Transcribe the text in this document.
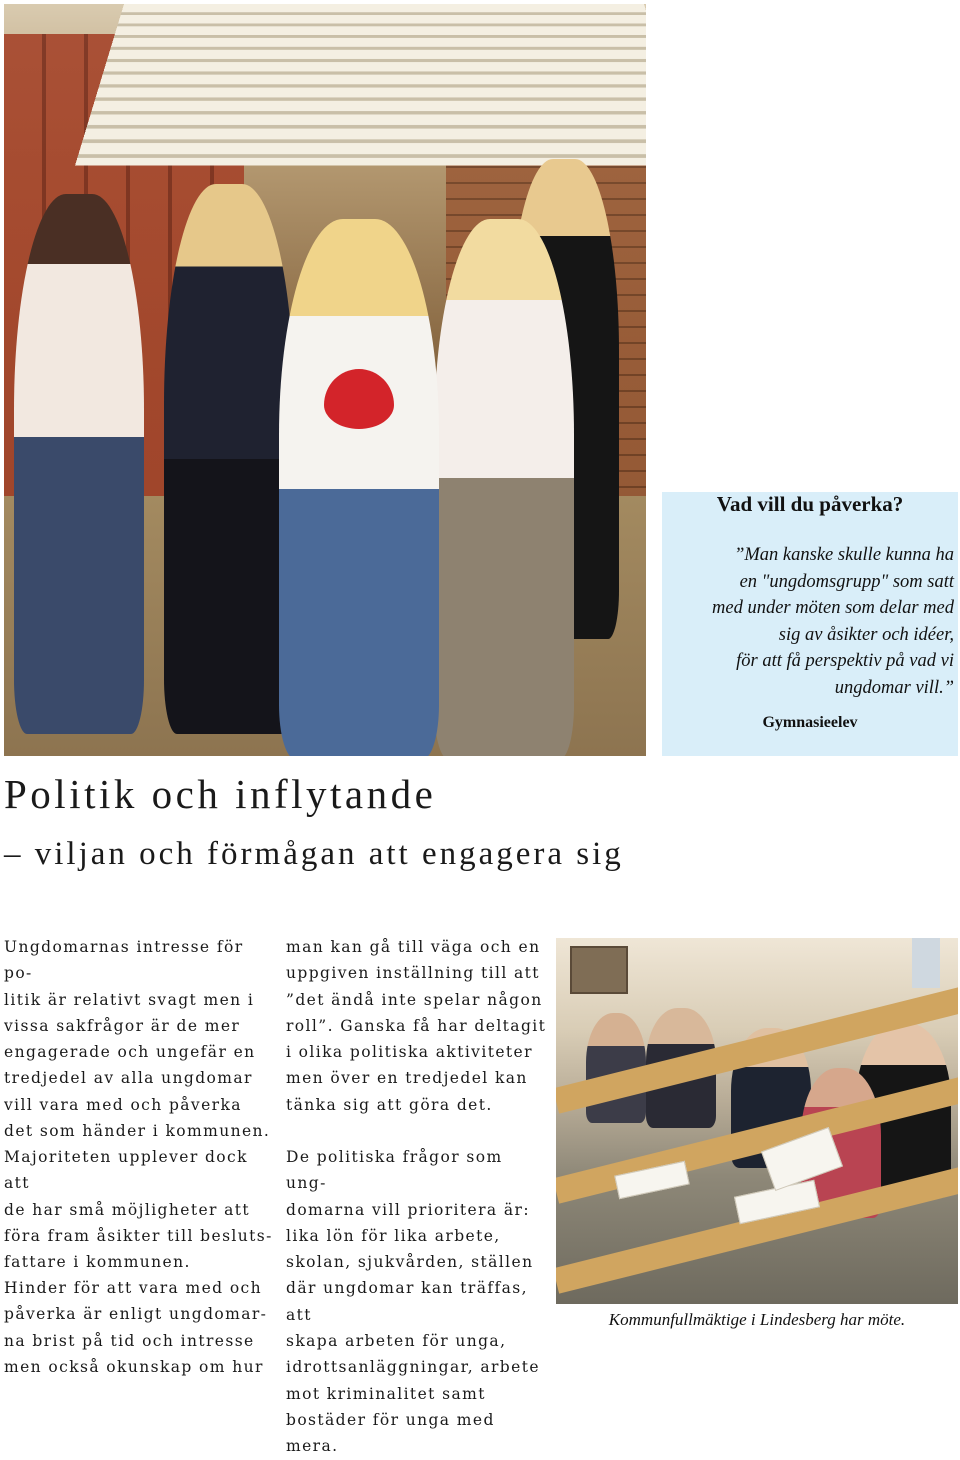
Vad vill du påverka?
”Man kanske skulle kunna ha
en "ungdomsgrupp" som satt
med under möten som delar med
sig av åsikter och idéer,
för att få perspektiv på vad vi
ungdomar vill.”
Gymnasieelev
Politik och inflytande
– viljan och förmågan att engagera sig

Ungdomarnas intresse för po-

litik är relativt svagt men i

vissa sakfrågor är de mer

engagerade och ungefär en

tredjedel av alla ungdomar

vill vara med och påverka

det som händer i kommunen.

Majoriteten upplever dock att

de har små möjligheter att

föra fram åsikter till besluts-

fattare i kommunen.

Hinder för att vara med och

påverka är enligt ungdomar-

na brist på tid och intresse

men också okunskap om hur

man kan gå till väga och en

uppgiven inställning till att

”det ändå inte spelar någon

roll”. Ganska få har deltagit

i olika politiska aktiviteter

men över en tredjedel kan

tänka sig att göra det.

De politiska frågor som ung-

domarna vill prioritera är:

lika lön för lika arbete,

skolan, sjukvården, ställen

där ungdomar kan träffas, att

skapa arbeten för unga,

idrottsanläggningar, arbete

mot kriminalitet samt

bostäder för unga med mera.

Kommunfullmäktige i Lindesberg har möte.
